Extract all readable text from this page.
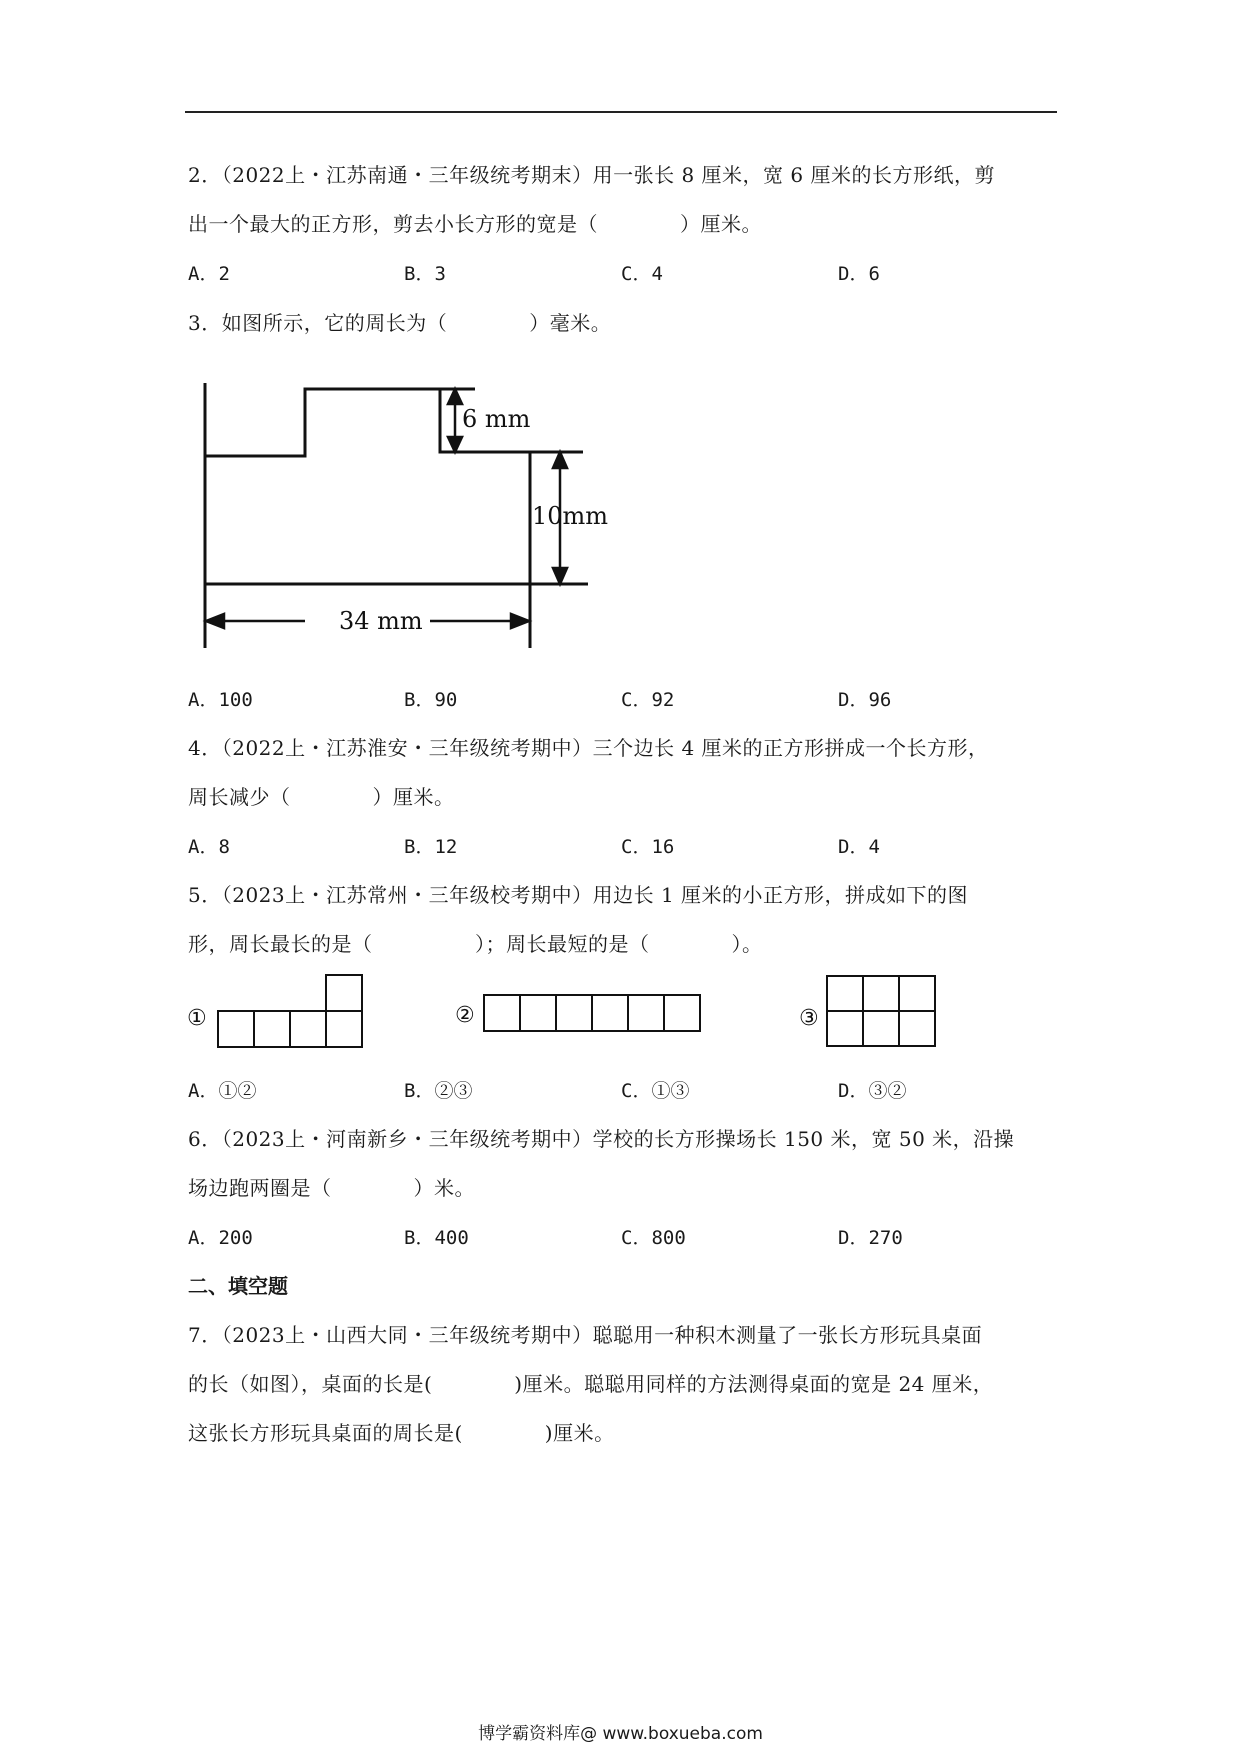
2．（2022上・江苏南通・三年级统考期末）用一张长 8 厘米，宽 6 厘米的长方形纸，剪
出一个最大的正方形，剪去小长方形的宽是（　　　　）厘米。
A．2	B．3	C．4	D．6
3．如图所示，它的周长为（　　　　）毫米。
6 mm
10mm
34 mm
A．100	B．90	C．92	D．96
4．（2022上・江苏淮安・三年级统考期中）三个边长 4 厘米的正方形拼成一个长方形，
周长减少（　　　　）厘米。
A．8	B．12	C．16	D．4
5．（2023上・江苏常州・三年级校考期中）用边长 1 厘米的小正方形，拼成如下的图
形，周长最长的是（　　　　　）；周长最短的是（　　　　）。
①	②	③
A．①②	B．②③	C．①③	D．③②
6．（2023上・河南新乡・三年级统考期中）学校的长方形操场长 150 米，宽 50 米，沿操
场边跑两圈是（　　　　）米。
A．200	B．400	C．800	D．270
二、填空题
7．（2023上・山西大同・三年级统考期中）聪聪用一种积木测量了一张长方形玩具桌面
的长（如图），桌面的长是(　　　　)厘米。聪聪用同样的方法测得桌面的宽是 24 厘米，
这张长方形玩具桌面的周长是(　　　　)厘米。
博学霸资料库@ www.boxueba.com
